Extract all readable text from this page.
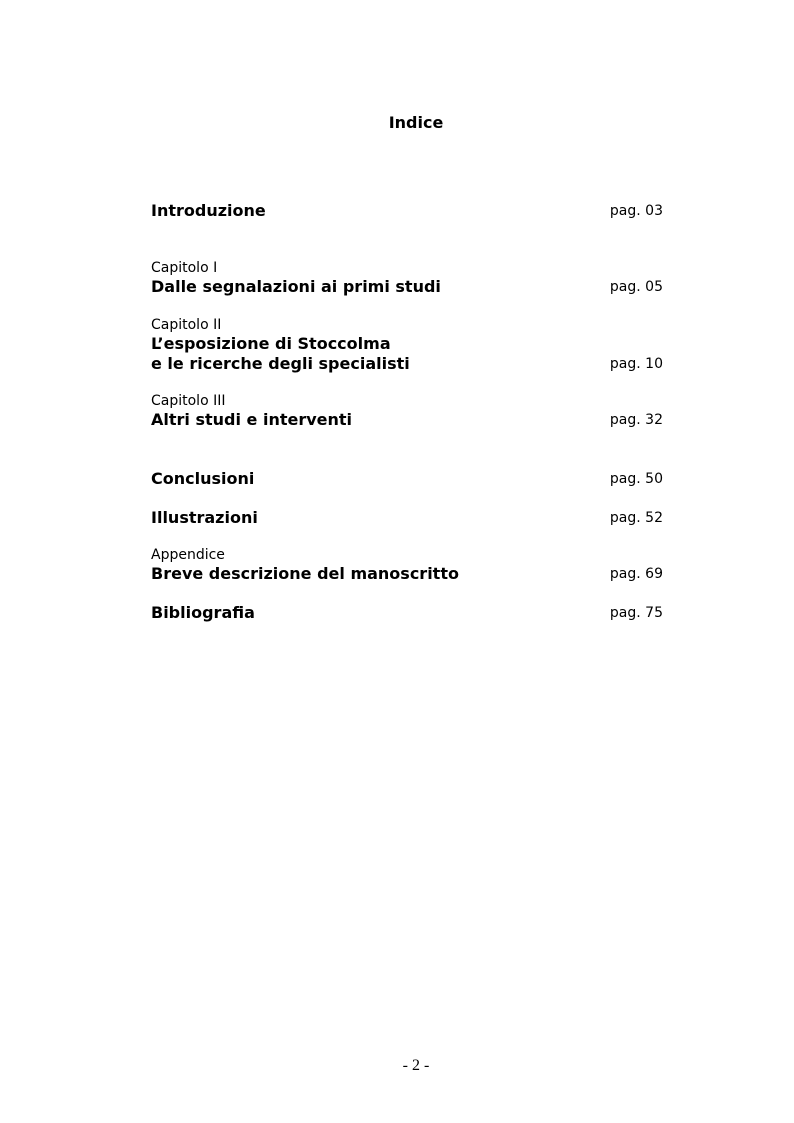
Indice
Introduzione	pag. 03
Capitolo I
Dalle segnalazioni ai primi studi	pag. 05
Capitolo II
L’esposizione di Stoccolma
e le ricerche degli specialisti	pag. 10
Capitolo III
Altri studi e interventi	pag. 32
Conclusioni	pag. 50
Illustrazioni	pag. 52
Appendice
Breve descrizione del manoscritto	pag. 69
Bibliografia	pag. 75
- 2 -
